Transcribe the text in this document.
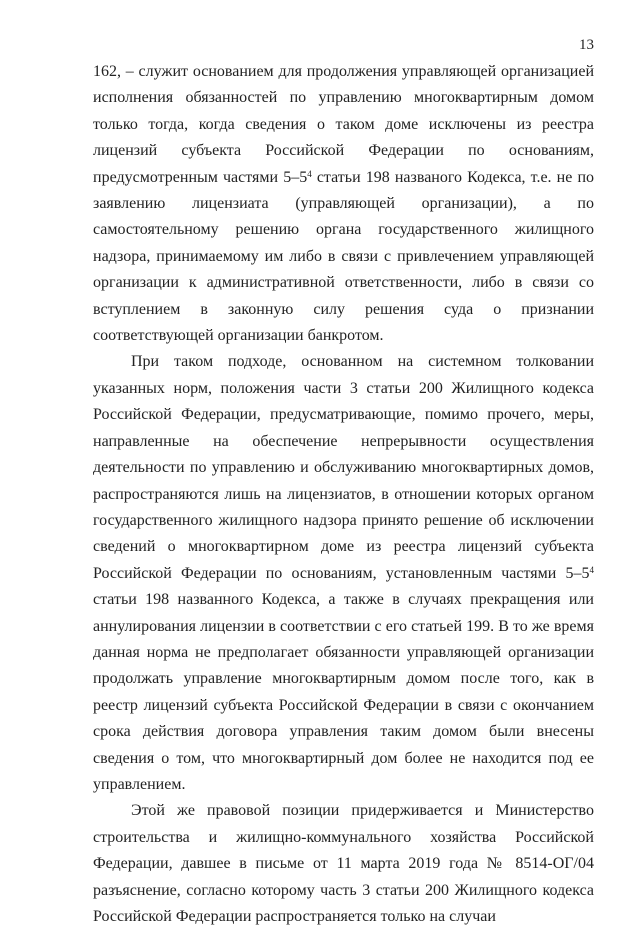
13

162, – служит основанием для продолжения управляющей организацией исполнения обязанностей по управлению многоквартирным домом только тогда, когда сведения о таком доме исключены из реестра лицензий субъекта Российской Федерации по основаниям, предусмотренным частями $5-5^4$ статьи 198 названого Кодекса, т.е. не по заявлению лицензиата (управляющей организации), а по самостоятельному решению органа государственного жилищного надзора, принимаемому им либо в связи с привлечением управляющей организации к административной ответственности, либо в связи со вступлением в законную силу решения суда о признании соответствующей организации банкротом.

При таком подходе, основанном на системном толковании указанных норм, положения части 3 статьи 200 Жилищного кодекса Российской Федерации, предусматривающие, помимо прочего, меры, направленные на обеспечение непрерывности осуществления деятельности по управлению и обслуживанию многоквартирных домов, распространяются лишь на лицензиатов, в отношении которых органом государственного жилищного надзора принято решение об исключении сведений о многоквартирном доме из реестра лицензий субъекта Российской Федерации по основаниям, установленным частями $5-5^4$ статьи 198 названного Кодекса, а также в случаях прекращения или аннулирования лицензии в соответствии с его статьей 199. В то же время данная норма не предполагает обязанности управляющей организации продолжать управление многоквартирным домом после того, как в реестр лицензий субъекта Российской Федерации в связи с окончанием срока действия договора управления таким домом были внесены сведения о том, что многоквартирный дом более не находится под ее управлением.

Этой же правовой позиции придерживается и Министерство строительства и жилищно-коммунального хозяйства Российской Федерации, давшее в письме от 11 марта 2019 года № 8514-ОГ/04 разъяснение, согласно которому часть 3 статьи 200 Жилищного кодекса Российской Федерации распространяется только на случаи
